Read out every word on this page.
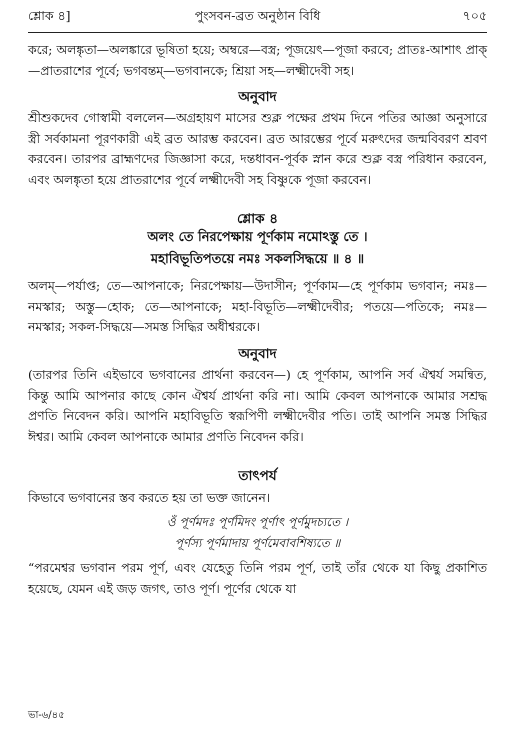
শ্লোক ৪]	পুংসবন-ব্রত অনুষ্ঠান বিধি	৭০৫

করে; অলঙ্কৃতা—অলঙ্কারে ভূষিতা হয়ে; অম্বরে—বস্ত্র; পূজয়েৎ—পূজা করবে; প্রাতঃ-আশাৎ প্রাক্—প্রাতরাশের পূর্বে; ভগবন্তম্—ভগবানকে; শ্রিয়া সহ—লক্ষ্মীদেবী সহ।

অনুবাদ

শ্রীশুকদেব গোস্বামী বললেন—অগ্রহায়ণ মাসের শুক্ল পক্ষের প্রথম দিনে পতির আজ্ঞা অনুসারে স্ত্রী সর্বকামনা পূরণকারী এই ব্রত আরম্ভ করবেন। ব্রত আরম্ভের পূর্বে মরুৎদের জন্মবিবরণ শ্রবণ করবেন। তারপর ব্রাহ্মণদের জিজ্ঞাসা করে, দন্তধাবন-পূর্বক স্নান করে শুক্ল বস্ত্র পরিধান করবেন, এবং অলঙ্কৃতা হয়ে প্রাতরাশের পূর্বে লক্ষ্মীদেবী সহ বিষ্ণুকে পূজা করবেন।

শ্লোক ৪
অলং তে নিরপেক্ষায় পূর্ণকাম নমোঽস্তু তে ।
মহাবিভূতিপতয়ে নমঃ সকলসিদ্ধয়ে ॥ ৪ ॥

অলম্—পর্যাপ্ত; তে—আপনাকে; নিরপেক্ষায়—উদাসীন; পূর্ণকাম—হে পূর্ণকাম ভগবান; নমঃ—নমস্কার; অস্তু—হোক; তে—আপনাকে; মহা-বিভূতি—লক্ষ্মীদেবীর; পতয়ে—পতিকে; নমঃ—নমস্কার; সকল-সিদ্ধয়ে—সমস্ত সিদ্ধির অধীশ্বরকে।

অনুবাদ

(তারপর তিনি এইভাবে ভগবানের প্রার্থনা করবেন—) হে পূর্ণকাম, আপনি সর্ব ঐশ্বর্য সমন্বিত, কিন্তু আমি আপনার কাছে কোন ঐশ্বর্য প্রার্থনা করি না। আমি কেবল আপনাকে আমার সশ্রদ্ধ প্রণতি নিবেদন করি। আপনি মহাবিভূতি স্বরূপিণী লক্ষ্মীদেবীর পতি। তাই আপনি সমস্ত সিদ্ধির ঈশ্বর। আমি কেবল আপনাকে আমার প্রণতি নিবেদন করি।

তাৎপর্য

কিভাবে ভগবানের স্তব করতে হয় তা ভক্ত জানেন।

ওঁ পূর্ণমদঃ পূর্ণমিদং পূর্ণাৎ পূর্ণমুদচ্যতে ।
পূর্ণস্য পূর্ণমাদায় পূর্ণমেবাবশিষ্যতে ॥

“পরমেশ্বর ভগবান পরম পূর্ণ, এবং যেহেতু তিনি পরম পূর্ণ, তাই তাঁর থেকে যা কিছু প্রকাশিত হয়েছে, যেমন এই জড় জগৎ, তাও পূর্ণ। পূর্ণের থেকে যা

ভা-৬/৪৫
